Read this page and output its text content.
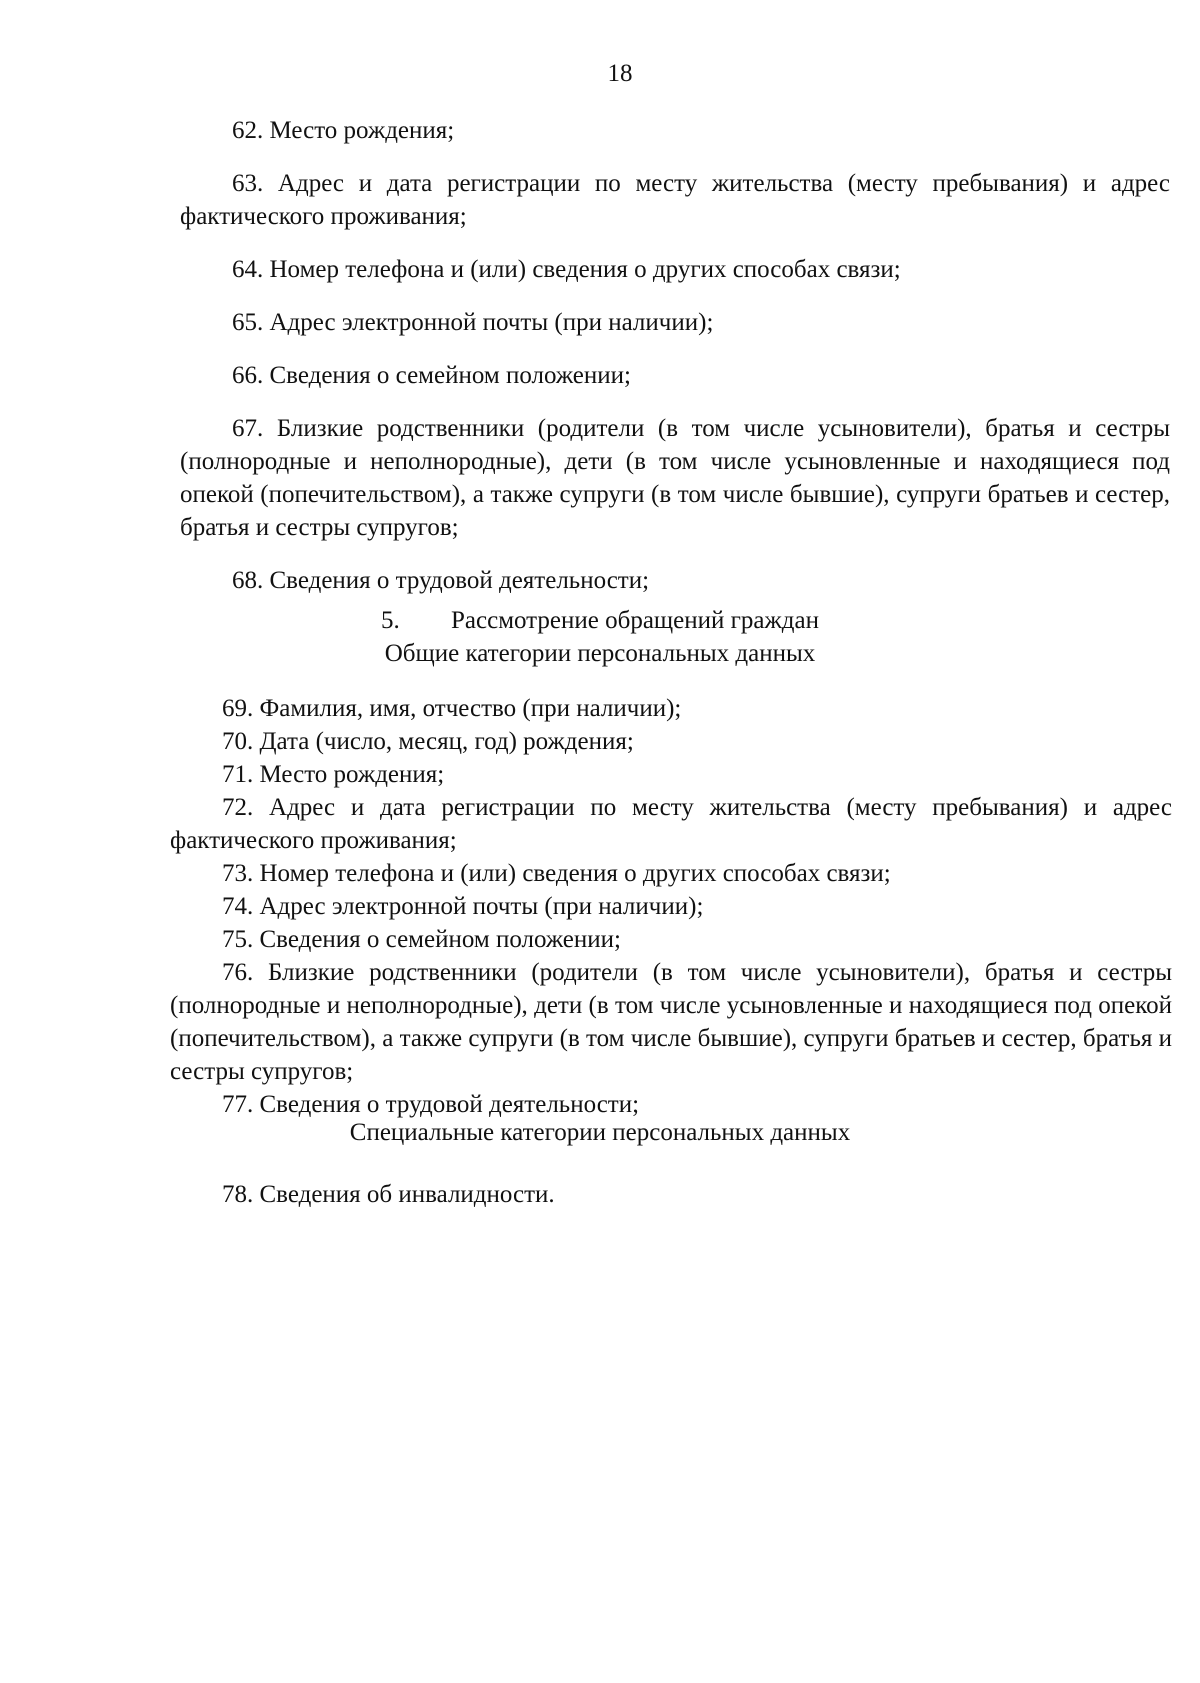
18

62. Место рождения;

63. Адрес и дата регистрации по месту жительства (месту пребывания) и адрес фактического проживания;

64. Номер телефона и (или) сведения о других способах связи;

65. Адрес электронной почты (при наличии);

66. Сведения о семейном положении;

67. Близкие родственники (родители (в том числе усыновители), братья и сестры (полнородные и неполнородные), дети (в том числе усыновленные и находящиеся под опекой (попечительством), а также супруги (в том числе бывшие), супруги братьев и сестер, братья и сестры супругов;

68. Сведения о трудовой деятельности;

5. Рассмотрение обращений граждан
Общие категории персональных данных

69. Фамилия, имя, отчество (при наличии);

70. Дата (число, месяц, год) рождения;

71. Место рождения;

72. Адрес и дата регистрации по месту жительства (месту пребывания) и адрес фактического проживания;

73. Номер телефона и (или) сведения о других способах связи;

74. Адрес электронной почты (при наличии);

75. Сведения о семейном положении;

76. Близкие родственники (родители (в том числе усыновители), братья и сестры (полнородные и неполнородные), дети (в том числе усыновленные и находящиеся под опекой (попечительством), а также супруги (в том числе бывшие), супруги братьев и сестер, братья и сестры супругов;

77. Сведения о трудовой деятельности;

Специальные категории персональных данных

78. Сведения об инвалидности.
